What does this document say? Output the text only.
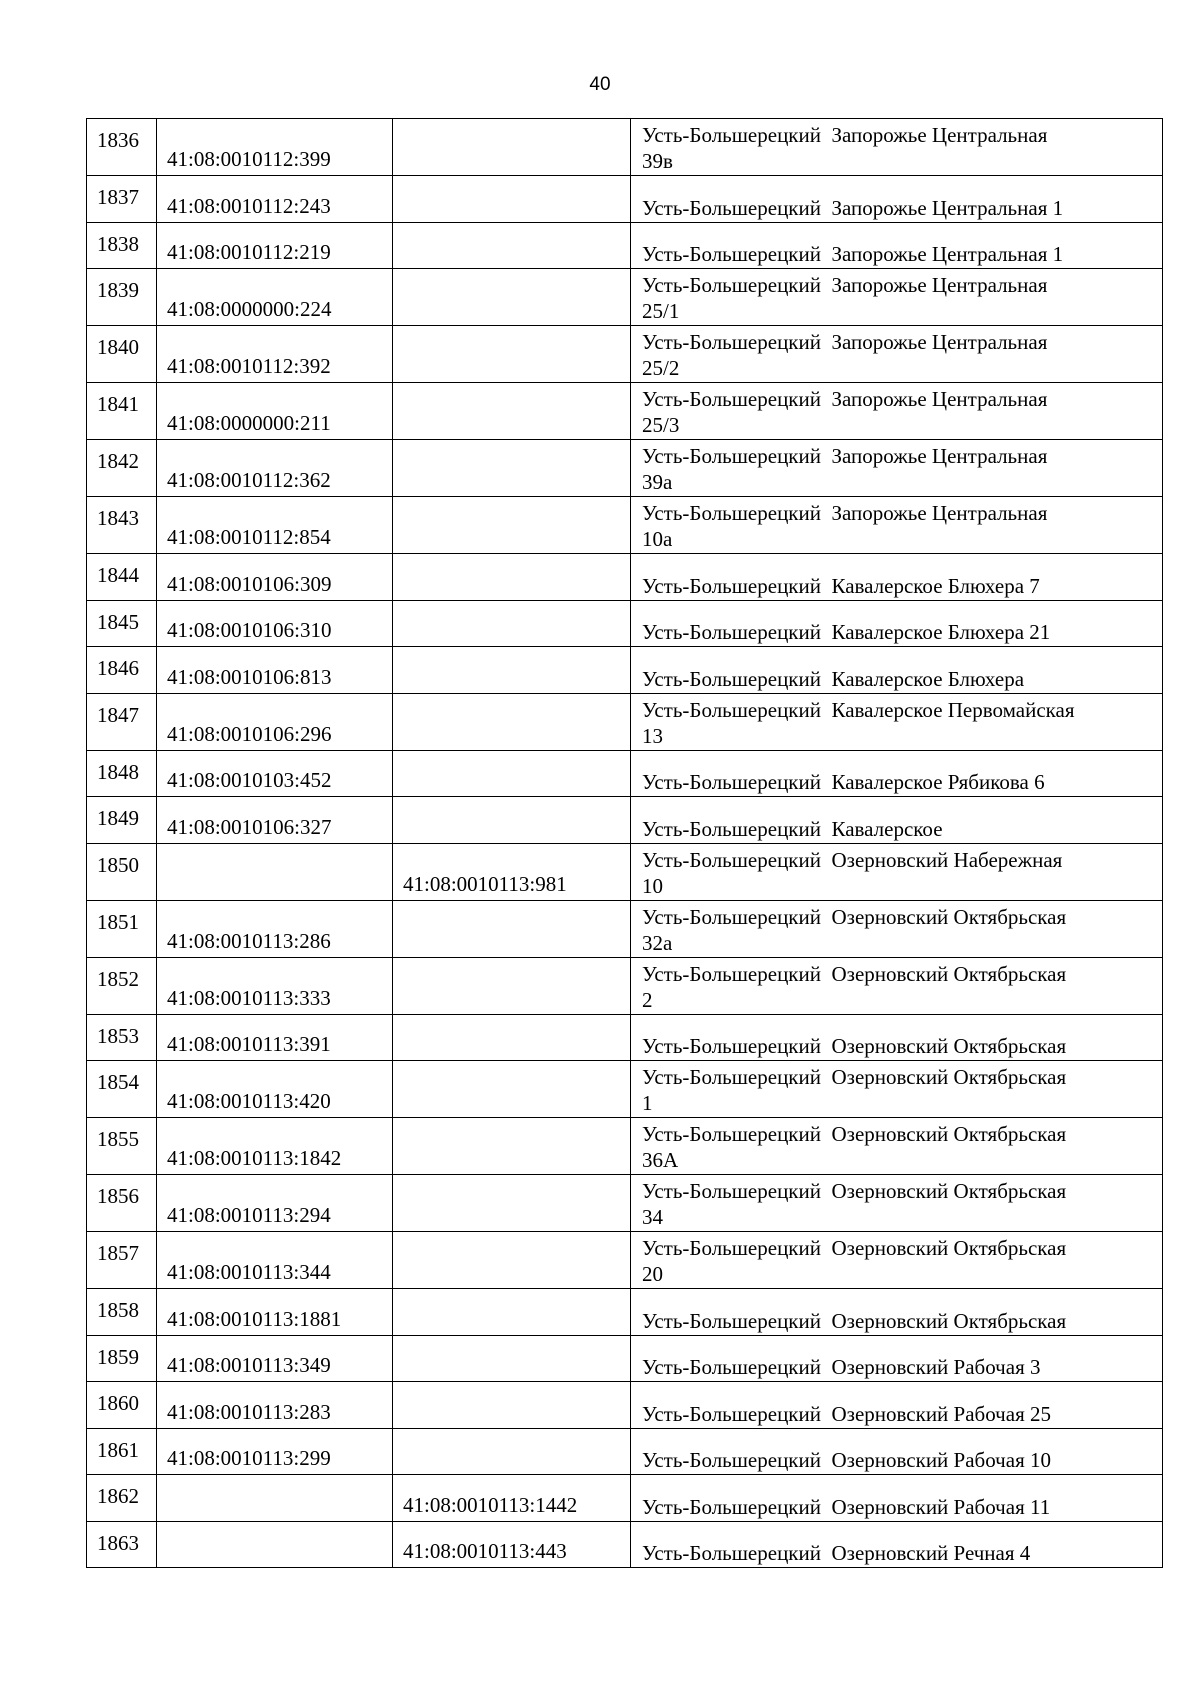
40
1836	41:08:0010112:399		Усть-Большерецкий  Запорожье Центральная
39в
1837	41:08:0010112:243		Усть-Большерецкий  Запорожье Центральная 1
1838	41:08:0010112:219		Усть-Большерецкий  Запорожье Центральная 1
1839	41:08:0000000:224		Усть-Большерецкий  Запорожье Центральная
25/1
1840	41:08:0010112:392		Усть-Большерецкий  Запорожье Центральная
25/2
1841	41:08:0000000:211		Усть-Большерецкий  Запорожье Центральная
25/3
1842	41:08:0010112:362		Усть-Большерецкий  Запорожье Центральная
39а
1843	41:08:0010112:854		Усть-Большерецкий  Запорожье Центральная
10а
1844	41:08:0010106:309		Усть-Большерецкий  Кавалерское Блюхера 7
1845	41:08:0010106:310		Усть-Большерецкий  Кавалерское Блюхера 21
1846	41:08:0010106:813		Усть-Большерецкий  Кавалерское Блюхера
1847	41:08:0010106:296		Усть-Большерецкий  Кавалерское Первомайская
13
1848	41:08:0010103:452		Усть-Большерецкий  Кавалерское Рябикова 6
1849	41:08:0010106:327		Усть-Большерецкий  Кавалерское
1850		41:08:0010113:981	Усть-Большерецкий  Озерновский Набережная
10
1851	41:08:0010113:286		Усть-Большерецкий  Озерновский Октябрьская
32а
1852	41:08:0010113:333		Усть-Большерецкий  Озерновский Октябрьская
2
1853	41:08:0010113:391		Усть-Большерецкий  Озерновский Октябрьская
1854	41:08:0010113:420		Усть-Большерецкий  Озерновский Октябрьская
1
1855	41:08:0010113:1842		Усть-Большерецкий  Озерновский Октябрьская
36А
1856	41:08:0010113:294		Усть-Большерецкий  Озерновский Октябрьская
34
1857	41:08:0010113:344		Усть-Большерецкий  Озерновский Октябрьская
20
1858	41:08:0010113:1881		Усть-Большерецкий  Озерновский Октябрьская
1859	41:08:0010113:349		Усть-Большерецкий  Озерновский Рабочая 3
1860	41:08:0010113:283		Усть-Большерецкий  Озерновский Рабочая 25
1861	41:08:0010113:299		Усть-Большерецкий  Озерновский Рабочая 10
1862		41:08:0010113:1442	Усть-Большерецкий  Озерновский Рабочая 11
1863		41:08:0010113:443	Усть-Большерецкий  Озерновский Речная 4
